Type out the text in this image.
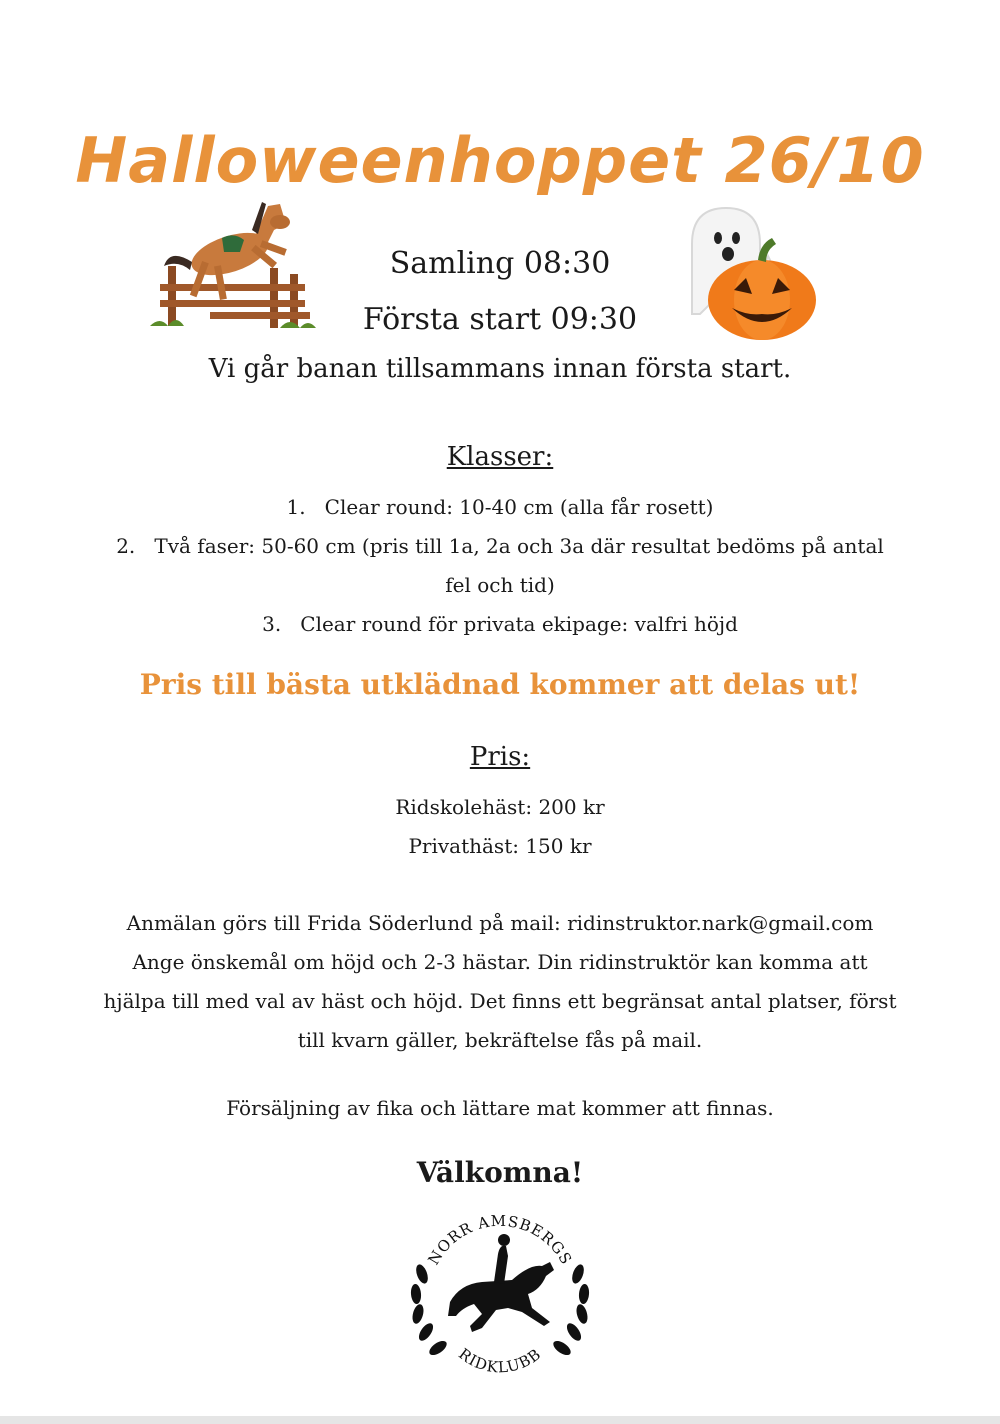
Halloweenhoppet 26/10
Samling 08:30
Första start 09:30
Vi går banan tillsammans innan första start.
Klasser:
1. Clear round: 10-40 cm (alla får rosett)
2. Två faser: 50-60 cm (pris till 1a, 2a och 3a där resultat bedöms på antal
fel och tid)
3. Clear round för privata ekipage: valfri höjd
Pris till bästa utklädnad kommer att delas ut!
Pris:
Ridskolehäst: 200 kr
Privathäst: 150 kr
Anmälan görs till Frida Söderlund på mail: ridinstruktor.nark@gmail.com
Ange önskemål om höjd och 2-3 hästar. Din ridinstruktör kan komma att
hjälpa till med val av häst och höjd. Det finns ett begränsat antal platser, först
till kvarn gäller, bekräftelse fås på mail.
Försäljning av fika och lättare mat kommer att finnas.
Välkomna!
NORR AMSBERGS
RIDKLUBB
